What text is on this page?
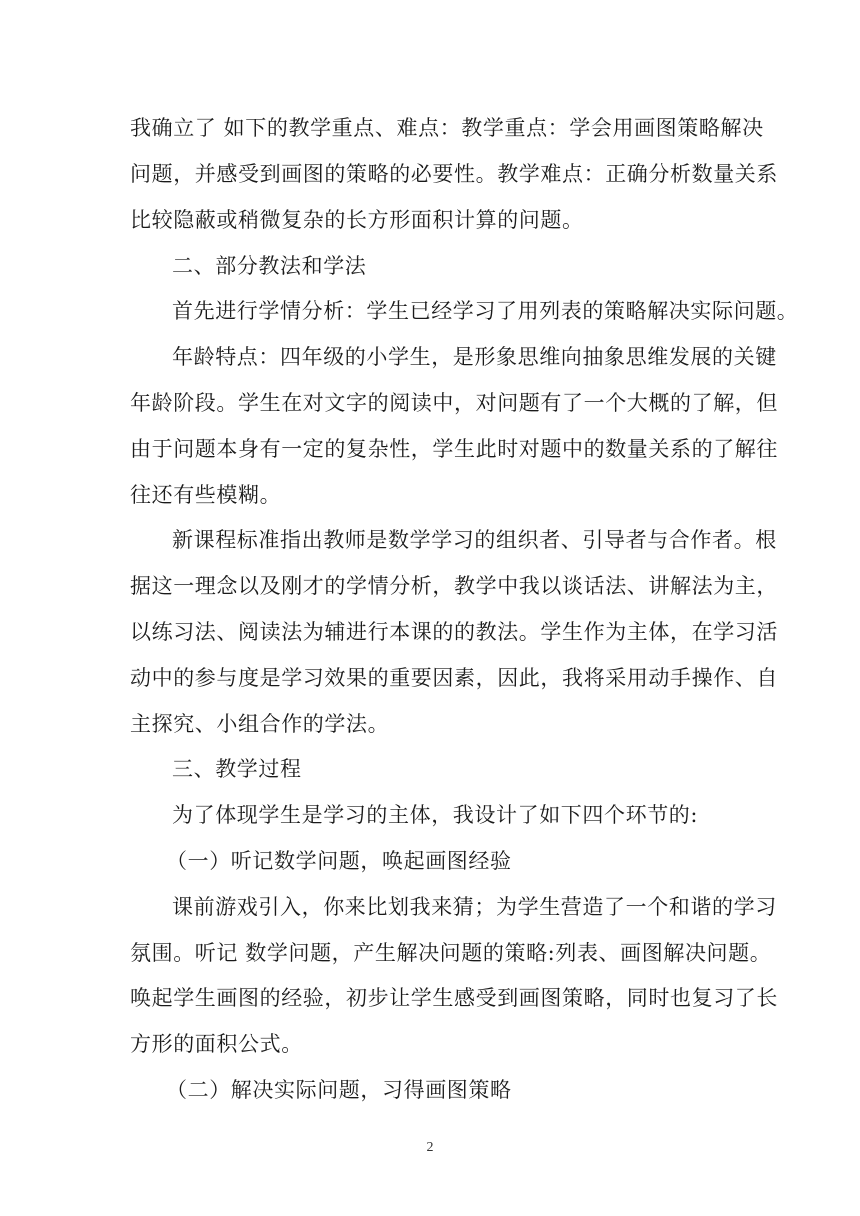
我确立了 如下的教学重点、难点：教学重点：学会用画图策略解决
问题，并感受到画图的策略的必要性。教学难点：正确分析数量关系
比较隐蔽或稍微复杂的长方形面积计算的问题。
二、部分教法和学法
首先进行学情分析：学生已经学习了用列表的策略解决实际问题。
年龄特点：四年级的小学生，是形象思维向抽象思维发展的关键
年龄阶段。学生在对文字的阅读中，对问题有了一个大概的了解，但
由于问题本身有一定的复杂性，学生此时对题中的数量关系的了解往
往还有些模糊。
新课程标准指出教师是数学学习的组织者、引导者与合作者。根
据这一理念以及刚才的学情分析，教学中我以谈话法、讲解法为主，
以练习法、阅读法为辅进行本课的的教法。学生作为主体，在学习活
动中的参与度是学习效果的重要因素，因此，我将采用动手操作、自
主探究、小组合作的学法。
三、教学过程
为了体现学生是学习的主体，我设计了如下四个环节的:
（一）听记数学问题，唤起画图经验
课前游戏引入，你来比划我来猜；为学生营造了一个和谐的学习
氛围。听记 数学问题，产生解决问题的策略:列表、画图解决问题。
唤起学生画图的经验，初步让学生感受到画图策略，同时也复习了长
方形的面积公式。
（二）解决实际问题，习得画图策略
2
